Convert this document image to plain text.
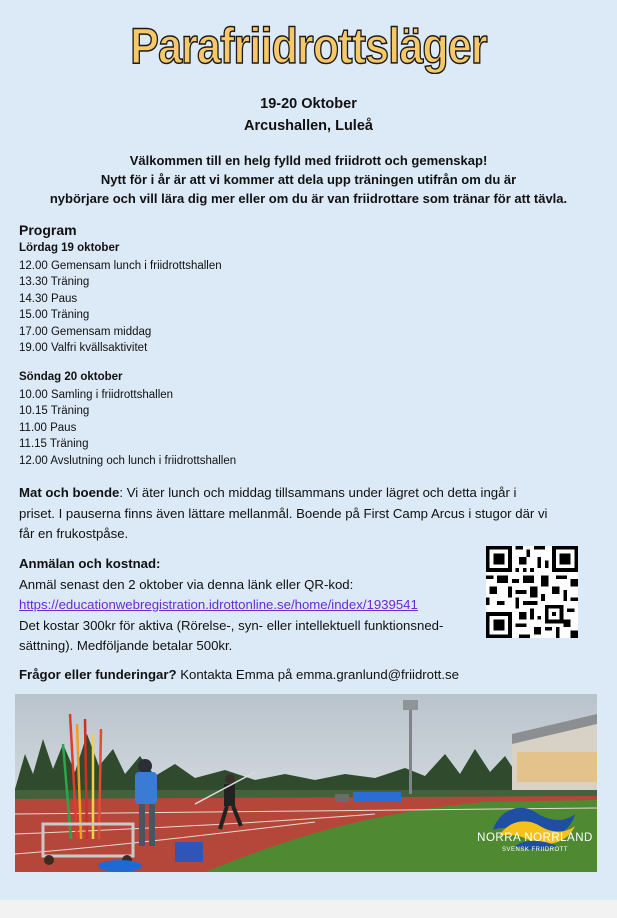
Parafriidrottsläger
19-20 Oktober
Arcushallen, Luleå
Välkommen till en helg fylld med friidrott och gemenskap!
Nytt för i år är att vi kommer att dela upp träningen utifrån om du är
nybörjare och vill lära dig mer eller om du är van friidrottare som tränar för att tävla.
Program
Lördag 19 oktober
12.00 Gemensam lunch i friidrottshallen
13.30 Träning
14.30 Paus
15.00 Träning
17.00 Gemensam middag
19.00 Valfri kvällsaktivitet
Söndag 20 oktober
10.00 Samling i friidrottshallen
10.15 Träning
11.00 Paus
11.15 Träning
12.00 Avslutning och lunch i friidrottshallen
Mat och boende: Vi äter lunch och middag tillsammans under lägret och detta ingår i
priset. I pauserna finns även lättare mellanmål. Boende på First Camp Arcus i stugor där vi
får en frukostpåse.
Anmälan och kostnad:
Anmäl senast den 2 oktober via denna länk eller QR-kod:
https://educationwebregistration.idrottonline.se/home/index/1939541
Det kostar 300kr för aktiva (Rörelse-, syn- eller intellektuell funktionsned-
sättning). Medföljande betalar 500kr.
Frågor eller funderingar? Kontakta Emma på emma.granlund@friidrott.se
NORRA NORRLAND
SVENSK FRIIDROTT
